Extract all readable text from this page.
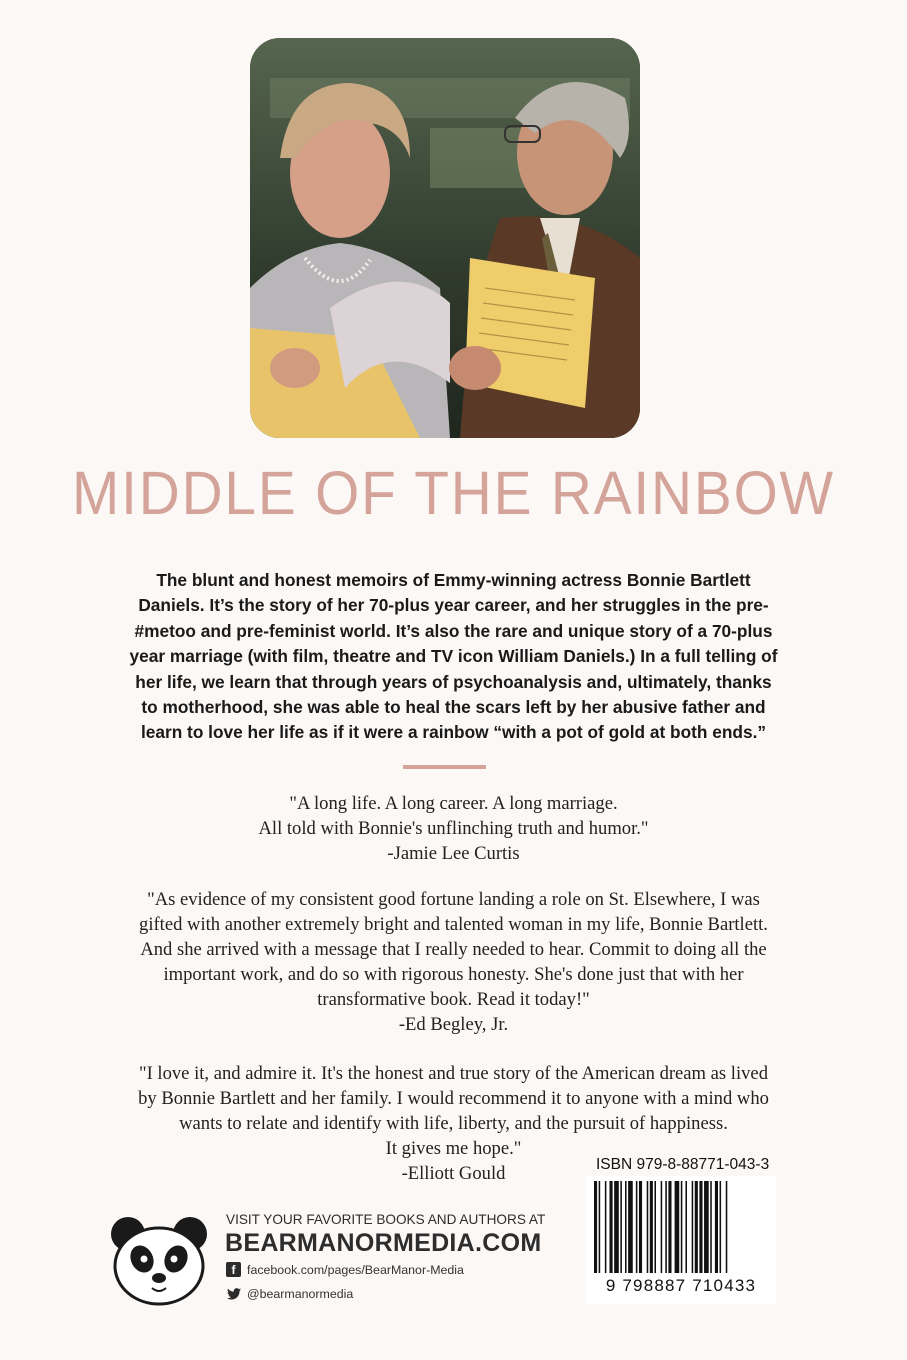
MIDDLE OF THE RAINBOW
The blunt and honest memoirs of Emmy-winning actress Bonnie Bartlett
Daniels. It’s the story of her 70-plus year career, and her struggles in the pre-
#metoo and pre-feminist world. It’s also the rare and unique story of a 70-plus
year marriage (with film, theatre and TV icon William Daniels.) In a full telling of
her life, we learn that through years of psychoanalysis and, ultimately, thanks
to motherhood, she was able to heal the scars left by her abusive father and
learn to love her life as if it were a rainbow “with a pot of gold at both ends.”

"A long life. A long career. A long marriage.

All told with Bonnie's unflinching truth and humor."

-Jamie Lee Curtis

"As evidence of my consistent good fortune landing a role on St. Elsewhere, I was

gifted with another extremely bright and talented woman in my life, Bonnie Bartlett.

And she arrived with a message that I really needed to hear. Commit to doing all the

important work, and do so with rigorous honesty. She's done just that with her

transformative book. Read it today!"

-Ed Begley, Jr.

"I love it, and admire it. It's the honest and true story of the American dream as lived

by Bonnie Bartlett and her family. I would recommend it to anyone with a mind who

wants to relate and identify with life, liberty, and the pursuit of happiness.

It gives me hope."

-Elliott Gould

VISIT YOUR FAVORITE BOOKS AND AUTHORS AT
BEARMANORMEDIA.COM
f facebook.com/pages/BearManor-Media
@bearmanormedia
ISBN 979-8-88771-043-3
9 798887 710433
